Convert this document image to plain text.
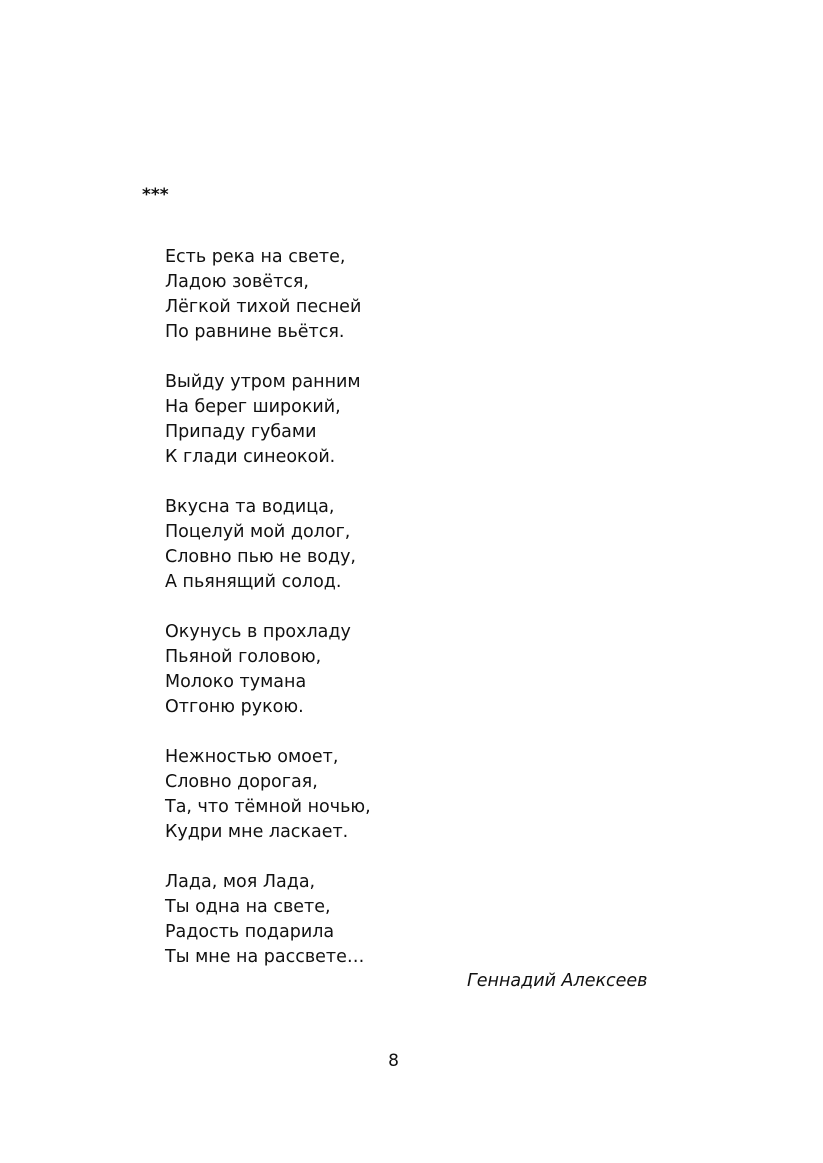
***
Есть река на свете,
Ладою зовётся,
Лёгкой тихой песней
По равнине вьётся.
Выйду утром ранним
На берег широкий,
Припаду губами
К глади синеокой.
Вкусна та водица,
Поцелуй мой долог,
Словно пью не воду,
А пьянящий солод.
Окунусь в прохладу
Пьяной головою,
Молоко тумана
Отгоню рукою.
Нежностью омоет,
Словно дорогая,
Та, что тёмной ночью,
Кудри мне ласкает.
Лада, моя Лада,
Ты одна на свете,
Радость подарила
Ты мне на рассвете…
Геннадий Алексеев
8
